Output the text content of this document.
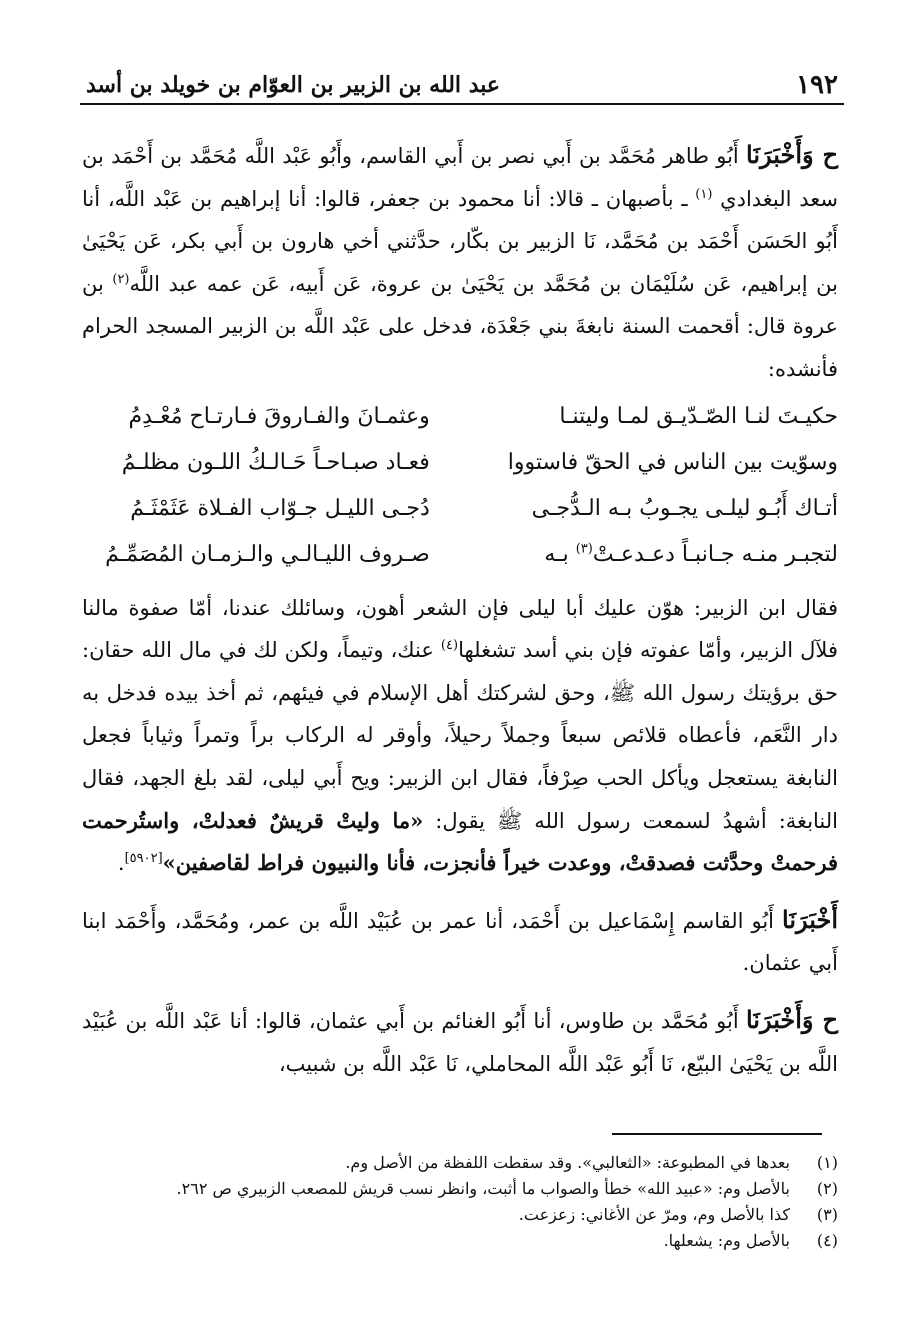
١٩٢
عبد الله بن الزبير بن العوّام بن خويلد بن أسد

ح وَأَخْبَرَنَا أَبُو طاهر مُحَمَّد بن أَبي نصر بن أَبي القاسم، وأَبُو عَبْد اللَّه مُحَمَّد بن أَحْمَد بن سعد البغدادي $^{(١)}$ ـ بأصبهان ـ قالا: أنا محمود بن جعفر، قالوا: أنا إبراهيم بن عَبْد اللَّه، أنا أَبُو الحَسَن أَحْمَد بن مُحَمَّد، نَا الزبير بن بكّار، حدَّثني أخي هارون بن أَبي بكر، عَن يَحْيَىٰ بن إبراهيم، عَن سُلَيْمَان بن مُحَمَّد بن يَحْيَىٰ بن عروة، عَن أَبيه، عَن عمه عبد اللَّه$^{(٢)}$ بن عروة قال: أقحمت السنة نابغةَ بني جَعْدَة، فدخل على عَبْد اللَّه بن الزبير المسجد الحرام فأنشده:

حكيـتَ لنـا الصّـدّيـق لمـا وليتنـا
وعثمـانَ والفـاروقَ فـارتـاح مُعْـدِمُ
وسوّيت بين الناس في الحقّ فاستووا
فعـاد صبـاحـاً حَـالـكُ اللـون مظلـمُ
أتـاك أَبُـو ليلـى يجـوبُ بـه الـدُّجـى
دُجـى الليـل جـوّاب الفـلاة عَثَمْثَـمُ
لتجبـر منـه جـانبـاً دعـدعـتْ$^{(٣)}$ بـه
صـروف الليـالـي والـزمـان المُصَمِّـمُ

فقال ابن الزبير: هوّن عليك أبا ليلى فإن الشعر أهون، وسائلك عندنا، أمّا صفوة مالنا فلآل الزبير، وأمّا عفوته فإن بني أسد تشغلها$^{(٤)}$ عنك، وتيماً، ولكن لك في مال الله حقان: حق برؤيتك رسول الله ﷺ، وحق لشركتك أهل الإسلام في فيئهم، ثم أخذ بيده فدخل به دار النَّعَم، فأعطاه قلائص سبعاً وجملاً رحيلاً، وأوقر له الركاب براً وتمراً وثياباً فجعل النابغة يستعجل ويأكل الحب صِرْفاً، فقال ابن الزبير: ويح أَبي ليلى، لقد بلغ الجهد، فقال النابغة: أشهدُ لسمعت رسول الله ﷺ يقول: «ما وليتْ قريشٌ فعدلتْ، واستُرحمت فرحمتْ وحدَّثت فصدقتْ، ووعدت خيراً فأنجزت، فأنا والنبيون فراط لقاصفين»[٥٩٠٢].

أَخْبَرَنَا أَبُو القاسم إِسْمَاعيل بن أَحْمَد، أنا عمر بن عُبَيْد اللَّه بن عمر، ومُحَمَّد، وأَحْمَد ابنا أَبي عثمان.

ح وَأَخْبَرَنَا أَبُو مُحَمَّد بن طاوس، أنا أَبُو الغنائم بن أَبي عثمان، قالوا: أنا عَبْد اللَّه بن عُبَيْد اللَّه بن يَحْيَىٰ البيّع، نَا أَبُو عَبْد اللَّه المحاملي، نَا عَبْد اللَّه بن شبيب،

(١)
بعدها في المطبوعة: «الثعالبي». وقد سقطت اللفظة من الأصل وم.
(٢)
بالأصل وم: «عبيد الله» خطأ والصواب ما أثبت، وانظر نسب قريش للمصعب الزبيري ص ٢٦٢.
(٣)
كذا بالأصل وم، ومرّ عن الأغاني: زعزعت.
(٤)
بالأصل وم: يشعلها.
